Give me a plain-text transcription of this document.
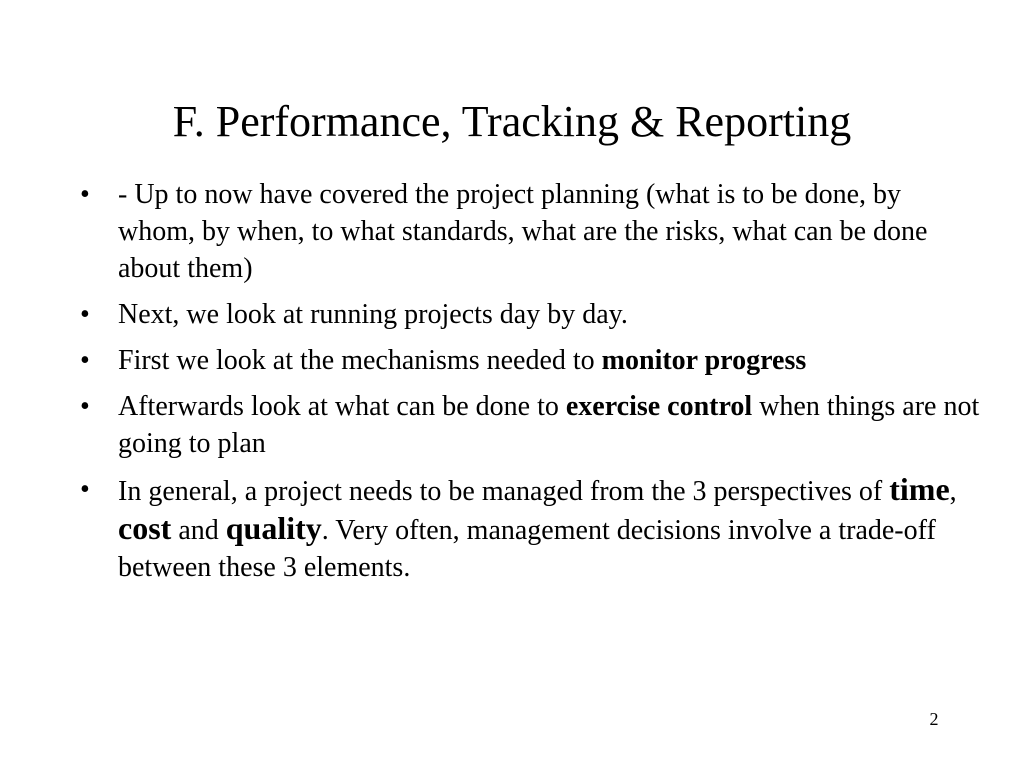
F. Performance, Tracking & Reporting
• - Up to now have covered the project planning (what is to be done, by whom, by when, to what standards, what are the risks, what can be done about them)
• Next, we look at running projects day by day.
• First we look at the mechanisms needed to monitor progress
• Afterwards look at what can be done to exercise control when things are not going to plan
• In general, a project needs to be managed from the 3 perspectives of time, cost and quality. Very often, management decisions involve a trade-off between these 3 elements.
2
